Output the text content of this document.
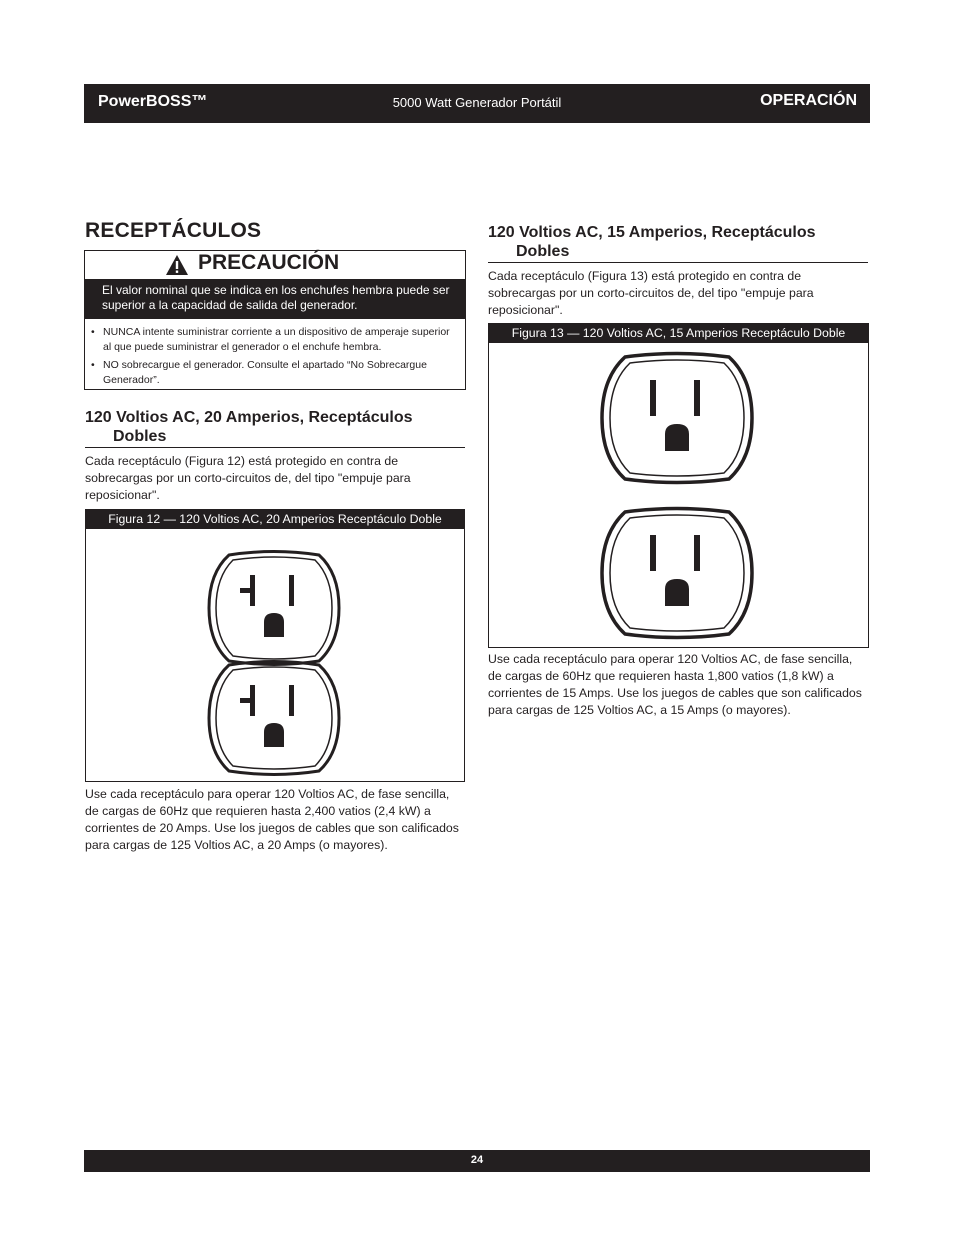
PowerBOSS™	5000 Watt Generador Portátil	OPERACIÓN
RECEPTÁCULOS
PRECAUCIÓN
El valor nominal que se indica en los enchufes hembra puede ser superior a la capacidad de salida del generador.
• NUNCA intente suministrar corriente a un dispositivo de amperaje superior al que puede suministrar el generador o el enchufe hembra.
• NO sobrecargue el generador. Consulte el apartado “No Sobrecargue Generador”.
120 Voltios AC, 20 Amperios, Receptáculos
Dobles

Cada receptáculo (Figura 12) está protegido en contra de sobrecargas por un corto-circuitos de, del tipo "empuje para reposicionar".

Figura 12 — 120 Voltios AC, 20 Amperios Receptáculo Doble

Use cada receptáculo para operar 120 Voltios AC, de fase sencilla, de cargas de 60Hz que requieren hasta 2,400 vatios (2,4 kW) a corrientes de 20 Amps. Use los juegos de cables que son calificados para cargas de 125 Voltios AC, a 20 Amps (o mayores).

120 Voltios AC, 15 Amperios, Receptáculos
Dobles

Cada receptáculo (Figura 13) está protegido en contra de sobrecargas por un corto-circuitos de, del tipo "empuje para reposicionar".

Figura 13 — 120 Voltios AC, 15 Amperios Receptáculo Doble

Use cada receptáculo para operar 120 Voltios AC, de fase sencilla, de cargas de 60Hz que requieren hasta 1,800 vatios (1,8 kW) a corrientes de 15 Amps. Use los juegos de cables que son calificados para cargas de 125 Voltios AC, a 15 Amps (o mayores).

24
